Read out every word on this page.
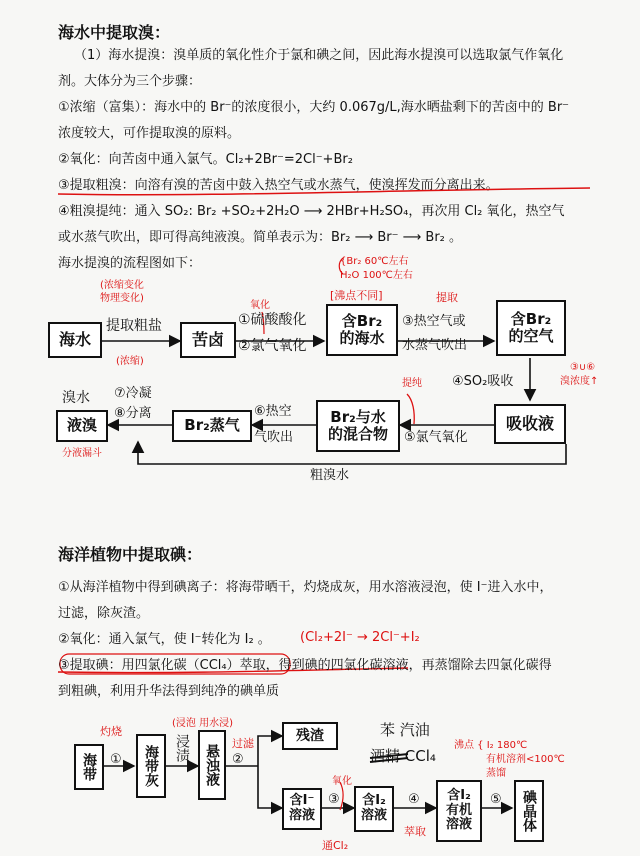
海水中提取溴：
（1）海水提溴：溴单质的氧化性介于氯和碘之间，因此海水提溴可以选取氯气作氧化
剂。大体分为三个步骤：
①浓缩（富集）：海水中的 Br⁻的浓度很小，大约 0.067g/L,海水晒盐剩下的苦卤中的 Br⁻
浓度较大，可作提取溴的原料。
②氧化：向苦卤中通入氯气。Cl₂+2Br⁻=2Cl⁻+Br₂
③提取粗溴：向溶有溴的苦卤中鼓入热空气或水蒸气，使溴挥发而分离出来。
④粗溴提纯：通入 SO₂: Br₂ +SO₂+2H₂O ⟶ 2HBr+H₂SO₄，再次用 Cl₂ 氧化，热空气
或水蒸气吹出，即可得高纯液溴。简单表示为：Br₂ ⟶ Br⁻ ⟶ Br₂ 。
海水提溴的流程图如下：
海水
提取粗盐
苦卤
①硫酸酸化
②氯气氧化
含Br₂
的海水
③热空气或
水蒸气吹出
含Br₂
的空气
④SO₂吸收
吸收液
⑤氯气氧化
Br₂与水
的混合物
⑥热空
气吹出
Br₂蒸气
⑦冷凝
⑧分离
溴水
液溴
粗溴水
(浓缩变化
物理变化)
(浓缩)
氧化
[沸点不同]	提取
{Br₂ 60℃左右
H₂O 100℃左右
提纯
③∪⑥
溴浓度↑
分液漏斗
海洋植物中提取碘：
①从海洋植物中得到碘离子：将海带晒干，灼烧成灰，用水溶液浸泡，使 I⁻进入水中，
过滤，除灰渣。
②氧化：通入氯气，使 I⁻转化为 I₂ 。 (Cl₂+2I⁻ → 2Cl⁻+I₂
③提取碘：用四氯化碳（CCl₄）萃取，得到碘的四氯化碳溶液，再蒸馏除去四氯化碳得
到粗碘，利用升华法得到纯净的碘单质
海带 ①	海带灰	浸渍	悬浊液 ②
残渣
含I⁻
溶液
③ 含I₂
溶液
④ 含I₂
有机
溶液
⑤	碘晶体
苯 汽油
酒精 CCl₄
灼烧
(浸泡 用水浸)
过滤
氧化
通Cl₂
萃取
沸点 { I₂ 180℃
有机溶剂<100℃
蒸馏
